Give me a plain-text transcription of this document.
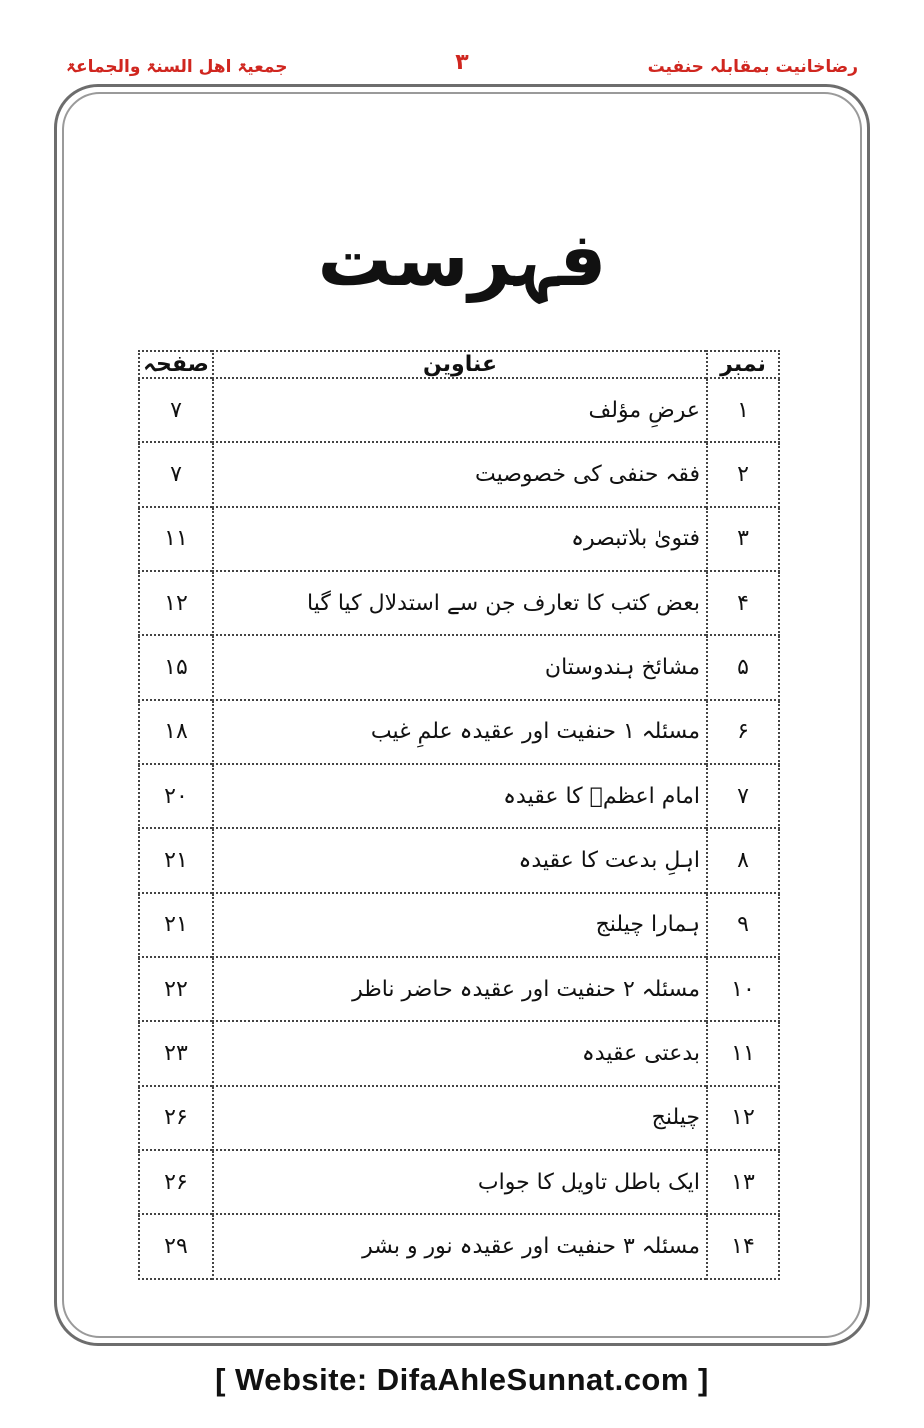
رضاخانیت بمقابلہ حنفیت
۳
جمعیۃ اھل السنۃ والجماعۃ
فہرست
نمبر	عناوین	صفحہ
١	عرضِ مؤلف	۷
۲	فقہ حنفی کی خصوصیت	۷
۳	فتویٰ بلاتبصرہ	۱۱
۴	بعض کتب کا تعارف جن سے استدلال کیا گیا	۱۲
۵	مشائخ ہندوستان	۱۵
۶	مسئلہ ۱ حنفیت اور عقیدہ علمِ غیب	۱۸
۷	امام اعظمؒ کا عقیدہ	۲۰
۸	اہلِ بدعت کا عقیدہ	۲۱
۹	ہمارا چیلنج	۲۱
۱۰	مسئلہ ۲ حنفیت اور عقیدہ حاضر ناظر	۲۲
۱۱	بدعتی عقیدہ	۲۳
۱۲	چیلنج	۲۶
۱۳	ایک باطل تاویل کا جواب	۲۶
۱۴	مسئلہ ۳ حنفیت اور عقیدہ نور و بشر	۲۹
[ Website: DifaAhleSunnat.com ]
